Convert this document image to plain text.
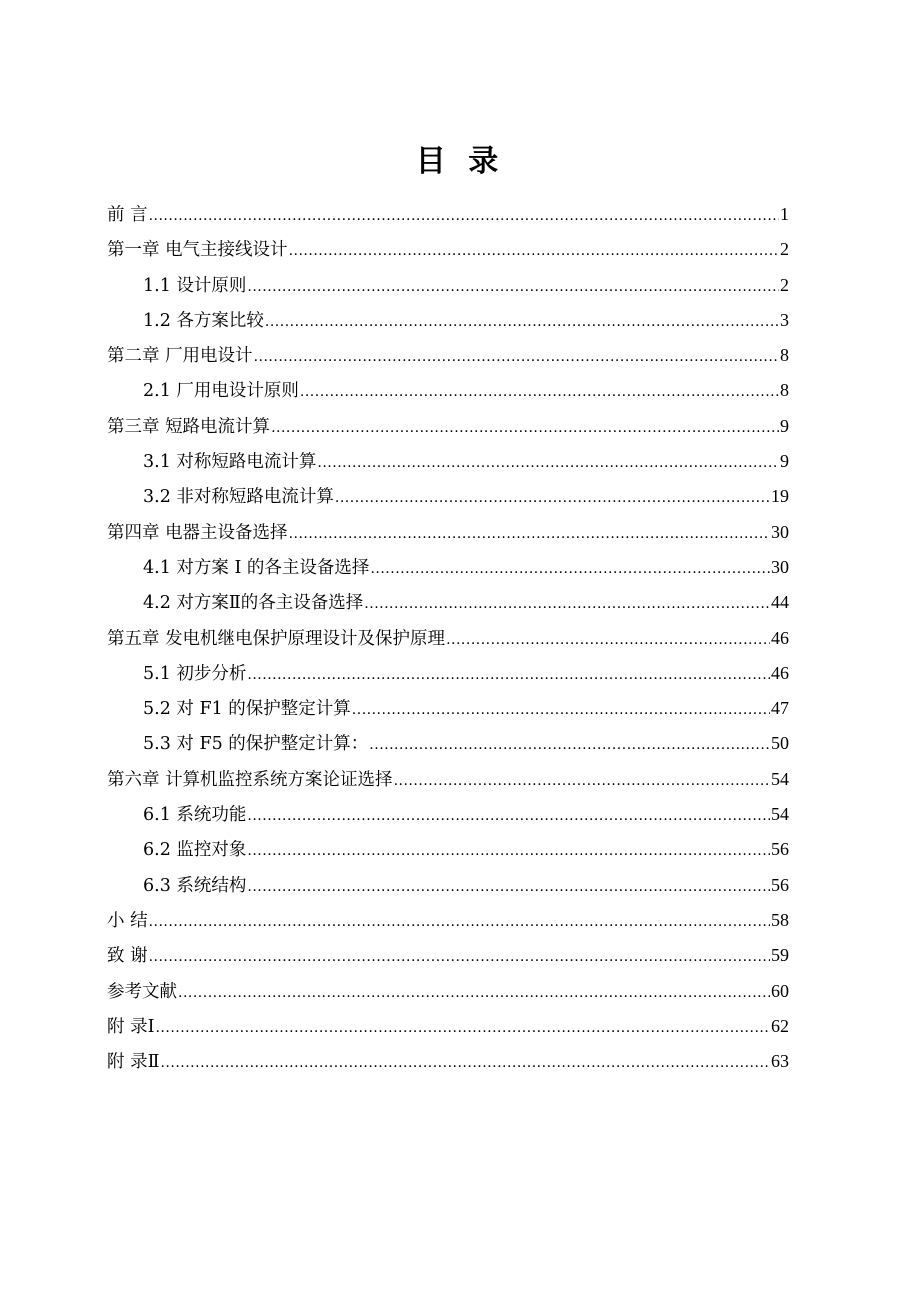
目 录
前 言 .....	1
第一章 电气主接线设计 .....	2
1.1 设计原则 .....	2
1.2 各方案比较 .....	3
第二章 厂用电设计 .....	8
2.1 厂用电设计原则 .....	8
第三章 短路电流计算 .....	9
3.1 对称短路电流计算 .....	9
3.2 非对称短路电流计算 .....	19
第四章 电器主设备选择 .....	30
4.1 对方案 I 的各主设备选择 .....	30
4.2 对方案Ⅱ的各主设备选择 .....	44
第五章 发电机继电保护原理设计及保护原理 .....	46
5.1 初步分析 .....	46
5.2 对 F1 的保护整定计算 .....	47
5.3 对 F5 的保护整定计算： .....	50
第六章 计算机监控系统方案论证选择 .....	54
6.1 系统功能 .....	54
6.2 监控对象 .....	56
6.3 系统结构 .....	56
小 结 .....	58
致 谢 .....	59
参考文献 .....	60
附 录Ⅰ .....	62
附 录Ⅱ .....	63
